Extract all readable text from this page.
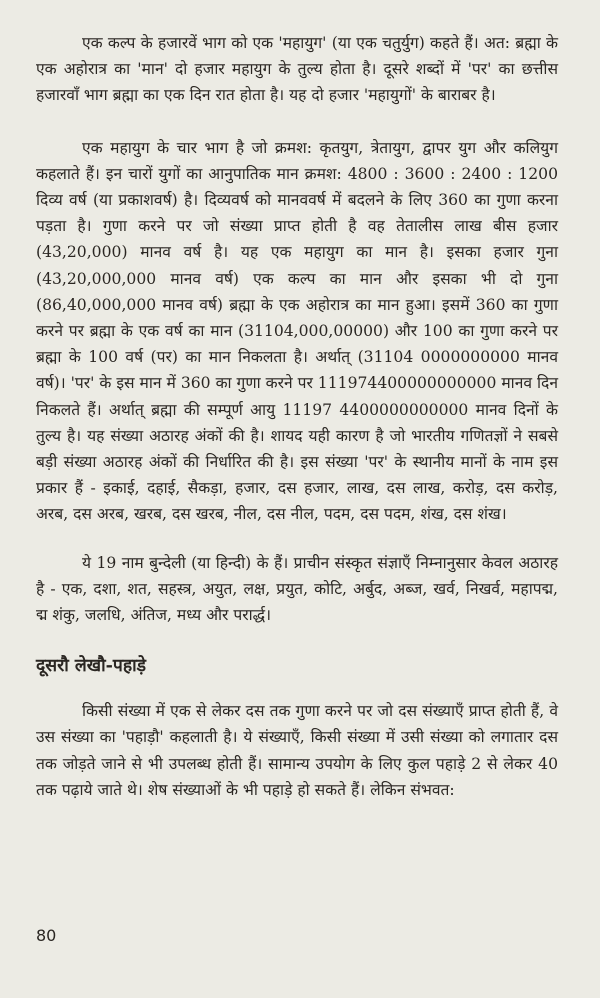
एक कल्प के हजारवें भाग को एक 'महायुग' (या एक चतुर्युग) कहते हैं। अत: ब्रह्मा के एक अहोरात्र का 'मान' दो हजार महायुग के तुल्य होता है। दूसरे शब्दों में 'पर' का छत्तीस हजारवाँ भाग ब्रह्मा का एक दिन रात होता है। यह दो हजार 'महायुगों' के बाराबर है।

एक महायुग के चार भाग है जो क्रमश: कृतयुग, त्रेतायुग, द्वापर युग और कलियुग कहलाते हैं। इन चारों युगों का आनुपातिक मान क्रमश: 4800 : 3600 : 2400 : 1200 दिव्य वर्ष (या प्रकाशवर्ष) है। दिव्यवर्ष को मानववर्ष में बदलने के लिए 360 का गुणा करना पड़ता है। गुणा करने पर जो संख्या प्राप्त होती है वह तेतालीस लाख बीस हजार (43,20,000) मानव वर्ष है। यह एक महायुग का मान है। इसका हजार गुना (43,20,000,000 मानव वर्ष) एक कल्प का मान और इसका भी दो गुना (86,40,000,000 मानव वर्ष) ब्रह्मा के एक अहोरात्र का मान हुआ। इसमें 360 का गुणा करने पर ब्रह्मा के एक वर्ष का मान (31104,000,00000) और 100 का गुणा करने पर ब्रह्मा के 100 वर्ष (पर) का मान निकलता है। अर्थात् (31104 0000000000 मानव वर्ष)। 'पर' के इस मान में 360 का गुणा करने पर 111974400000000000 मानव दिन निकलते हैं। अर्थात् ब्रह्मा की सम्पूर्ण आयु 11197 4400000000000 मानव दिनों के तुल्य है। यह संख्या अठारह अंकों की है। शायद यही कारण है जो भारतीय गणितज्ञों ने सबसे बड़ी संख्या अठारह अंकों की निर्धारित की है। इस संख्या 'पर' के स्थानीय मानों के नाम इस प्रकार हैं - इकाई, दहाई, सैकड़ा, हजार, दस हजार, लाख, दस लाख, करोड़, दस करोड़, अरब, दस अरब, खरब, दस खरब, नील, दस नील, पदम, दस पदम, शंख, दस शंख।

ये 19 नाम बुन्देली (या हिन्दी) के हैं। प्राचीन संस्कृत संज्ञाएँ निम्नानुसार केवल अठारह है - एक, दशा, शत, सहस्त्र, अयुत, लक्ष, प्रयुत, कोटि, अर्बुद, अब्ज, खर्व, निखर्व, महापद्म, द्म शंकु, जलधि, अंतिज, मध्य और परार्द्ध।

दूसरौ लेखौ-पहाड़े

किसी संख्या में एक से लेकर दस तक गुणा करने पर जो दस संख्याएँ प्राप्त होती हैं, वे उस संख्या का 'पहाड़ौ' कहलाती है। ये संख्याएँ, किसी संख्या में उसी संख्या को लगातार दस तक जोड़ते जाने से भी उपलब्ध होती हैं। सामान्य उपयोग के लिए कुल पहाड़े 2 से लेकर 40 तक पढ़ाये जाते थे। शेष संख्याओं के भी पहाड़े हो सकते हैं। लेकिन संभवत:

80
